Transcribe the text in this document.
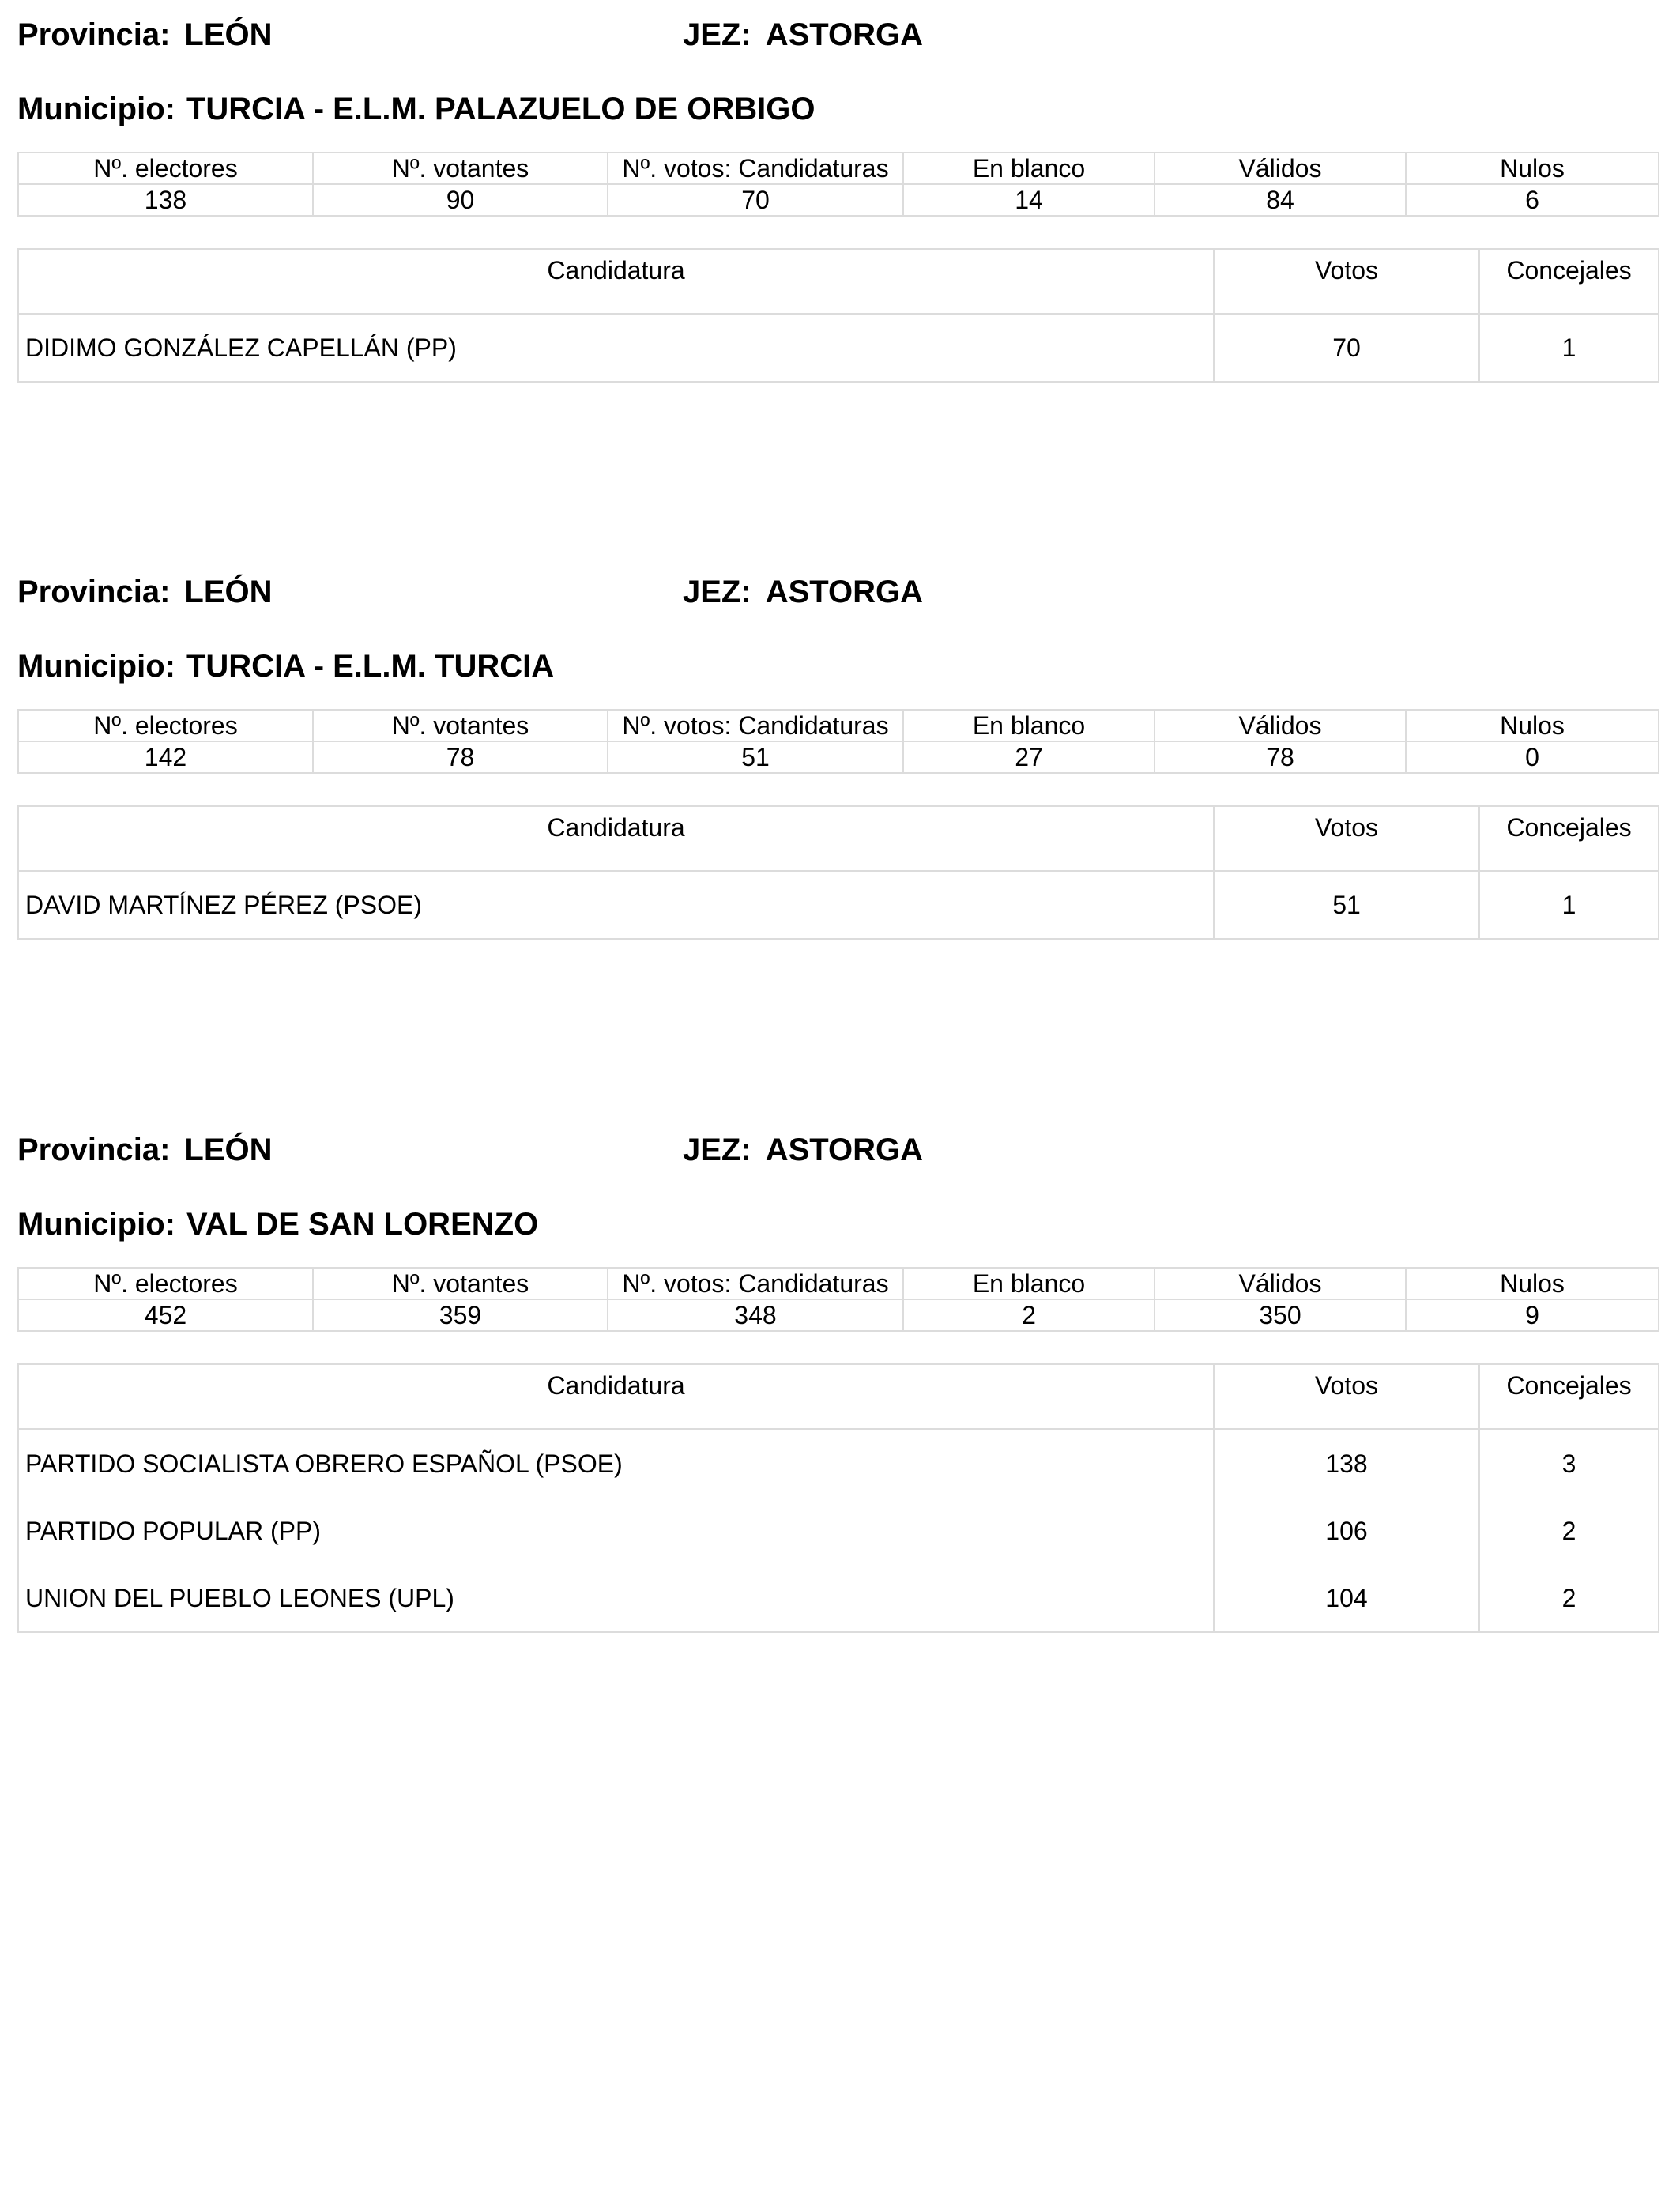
Provincia: LEÓN	JEZ: ASTORGA
Municipio: TURCIA - E.L.M. PALAZUELO DE ORBIGO
Nº. electores	Nº. votantes	Nº. votos: Candidaturas	En blanco	Válidos	Nulos
138	90	70	14	84	6
Candidatura	Votos	Concejales
DIDIMO GONZÁLEZ CAPELLÁN (PP)	70	1
Provincia: LEÓN	JEZ: ASTORGA
Municipio: TURCIA - E.L.M. TURCIA
Nº. electores	Nº. votantes	Nº. votos: Candidaturas	En blanco	Válidos	Nulos
142	78	51	27	78	0
Candidatura	Votos	Concejales
DAVID MARTÍNEZ PÉREZ (PSOE)	51	1
Provincia: LEÓN	JEZ: ASTORGA
Municipio: VAL DE SAN LORENZO
Nº. electores	Nº. votantes	Nº. votos: Candidaturas	En blanco	Válidos	Nulos
452	359	348	2	350	9
Candidatura	Votos	Concejales
PARTIDO SOCIALISTA OBRERO ESPAÑOL (PSOE)	138	3
PARTIDO POPULAR (PP)	106	2
UNION DEL PUEBLO LEONES (UPL)	104	2
